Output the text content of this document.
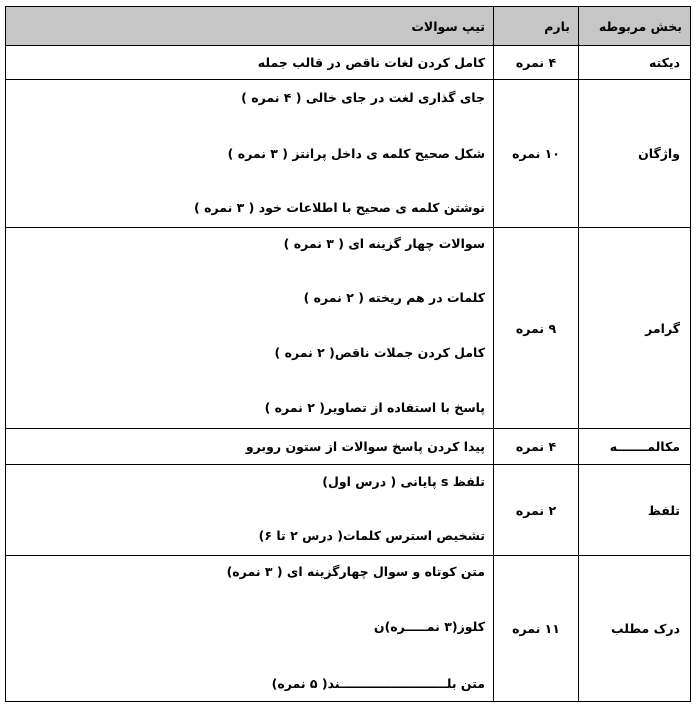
بخش مربوطه	بارم	تیپ سوالات
دیکته	۴ نمره	کامل کردن لغات ناقص در قالب جمله

واژگان	۱۰ نمره	جای گذاری لغت در جای خالی ( ۴ نمره )
شکل صحیح کلمه ی داخل پرانتز ( ۳ نمره )
نوشتن کلمه ی صحیح با اطلاعات خود ( ۳ نمره )

گرامر	۹ نمره	سوالات چهار گزینه ای ( ۳ نمره )
کلمات در هم ریخته ( ۲ نمره )
کامل کردن جملات ناقص( ۲ نمره )
پاسخ با استفاده از تصاویر( ۲ نمره )

مکالمـــــــه	۴ نمره	پیدا کردن پاسخ سوالات از ستون روبرو

تلفظ	۲ نمره	تلفظ s پایانی ( درس اول)
تشخیص استرس کلمات( درس ۲ تا ۶)

درک مطلب	۱۱ نمره	متن کوتاه و سوال چهارگزینه ای ( ۳ نمره)
کلوز(۳ نمـــــره)ن
متن بلـــــــــــــــــــــــــند( ۵ نمره)
